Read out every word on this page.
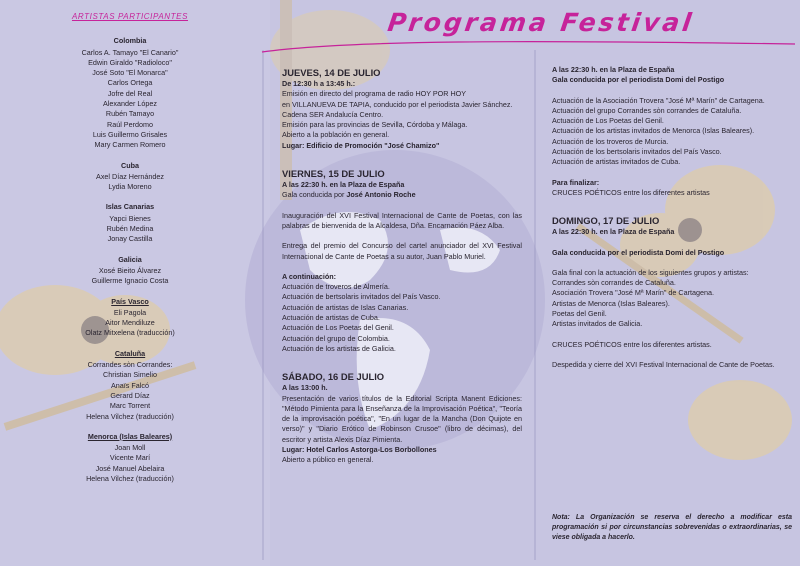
ARTISTAS PARTICIPANTES
Colombia
Carlos A. Tamayo "El Canario"
Edwin Giraldo "Radioloco"
José Soto "El Monarca"
Carlos Ortega
Jofre del Real
Alexander López
Rubén Tamayo
Raúl Perdomo
Luis Guillermo Grisales
Mary Carmen Romero
Cuba
Axel Díaz Hernández
Lydia Moreno
Islas Canarias
Yapci Bienes
Rubén Medina
Jonay Castilla
Galicia
Xosé Bieito Álvarez
Guillerme Ignacio Costa
País Vasco
Eli Pagola
Aitor Mendiluze
Olatz Mitxelena (traducción)
Cataluña
Corrandes sòn Corrandes:
Christian Simelio
Anaïs Falcó
Gerard Díaz
Marc Torrent
Helena Vilchez (traducción)
Menorca (Islas Baleares)
Joan Moll
Vicente Marí
José Manuel Abelaira
Helena Vilchez (traducción)
Programa Festival
JUEVES, 14 DE JULIO
De 12:30 h a 13:45 h.:
Emisión en directo del programa de radio HOY POR HOY
en VILLANUEVA DE TAPIA, conducido por el periodista Javier Sánchez.
Cadena SER Andalucía Centro.
Emisión para las provincias de Sevilla, Córdoba y Málaga.
Abierto a la población en general.
Lugar: Edificio de Promoción "José Chamizo"
VIERNES, 15 DE JULIO
A las 22:30 h. en la Plaza de España
Gala conducida por José Antonio Roche
Inauguración del XVI Festival Internacional de Cante de Poetas, con las palabras de bienvenida de la Alcaldesa, Dña. Encarnación Páez Alba.
Entrega del premio del Concurso del cartel anunciador del XVI Festival Internacional de Cante de Poetas a su autor, Juan Pablo Muriel.
A continuación:
Actuación de troveros de Almería.
Actuación de bertsolaris invitados del País Vasco.
Actuación de artistas de Islas Canarias.
Actuación de artistas de Cuba.
Actuación de Los Poetas del Genil.
Actuación del grupo de Colombia.
Actuación de los artistas de Galicia.
SÁBADO, 16 DE JULIO
A las 13:00 h.
Presentación de varios títulos de la Editorial Scripta Manent Ediciones: "Método Pimienta para la Enseñanza de la Improvisación Poética", "Teoría de la improvisación poética", "En un lugar de la Mancha (Don Quijote en verso)" y "Diario Erótico de Robinson Crusoe" (libro de décimas), del escritor y artista Alexis Díaz Pimienta.
Lugar: Hotel Carlos Astorga-Los Borbollones
Abierto a público en general.
A las 22:30 h. en la Plaza de España
Gala conducida por el periodista Domi del Postigo
Actuación de la Asociación Trovera "José Mª Marín" de Cartagena.
Actuación del grupo Corrandes sòn corrandes de Cataluña.
Actuación de Los Poetas del Genil.
Actuación de los artistas invitados de Menorca (Islas Baleares).
Actuación de los troveros de Murcia.
Actuación de los bertsolaris invitados del País Vasco.
Actuación de artistas invitados de Cuba.
Para finalizar:
CRUCES POÉTICOS entre los diferentes artistas
DOMINGO, 17 DE JULIO
A las 22:30 h. en la Plaza de España
Gala conducida por el periodista Domi del Postigo
Gala final con la actuación de los siguientes grupos y artistas:
Corrandes sòn corrandes de Cataluña.
Asociación Trovera "José Mª Marín" de Cartagena.
Artistas de Menorca (Islas Baleares).
Poetas del Genil.
Artistas invitados de Galicia.
CRUCES POÉTICOS entre los diferentes artistas.
Despedida y cierre del XVI Festival Internacional de Cante de Poetas.
Nota: La Organización se reserva el derecho a modificar esta programación si por circunstancias sobrevenidas o extraordinarias, se viese obligada a hacerlo.
